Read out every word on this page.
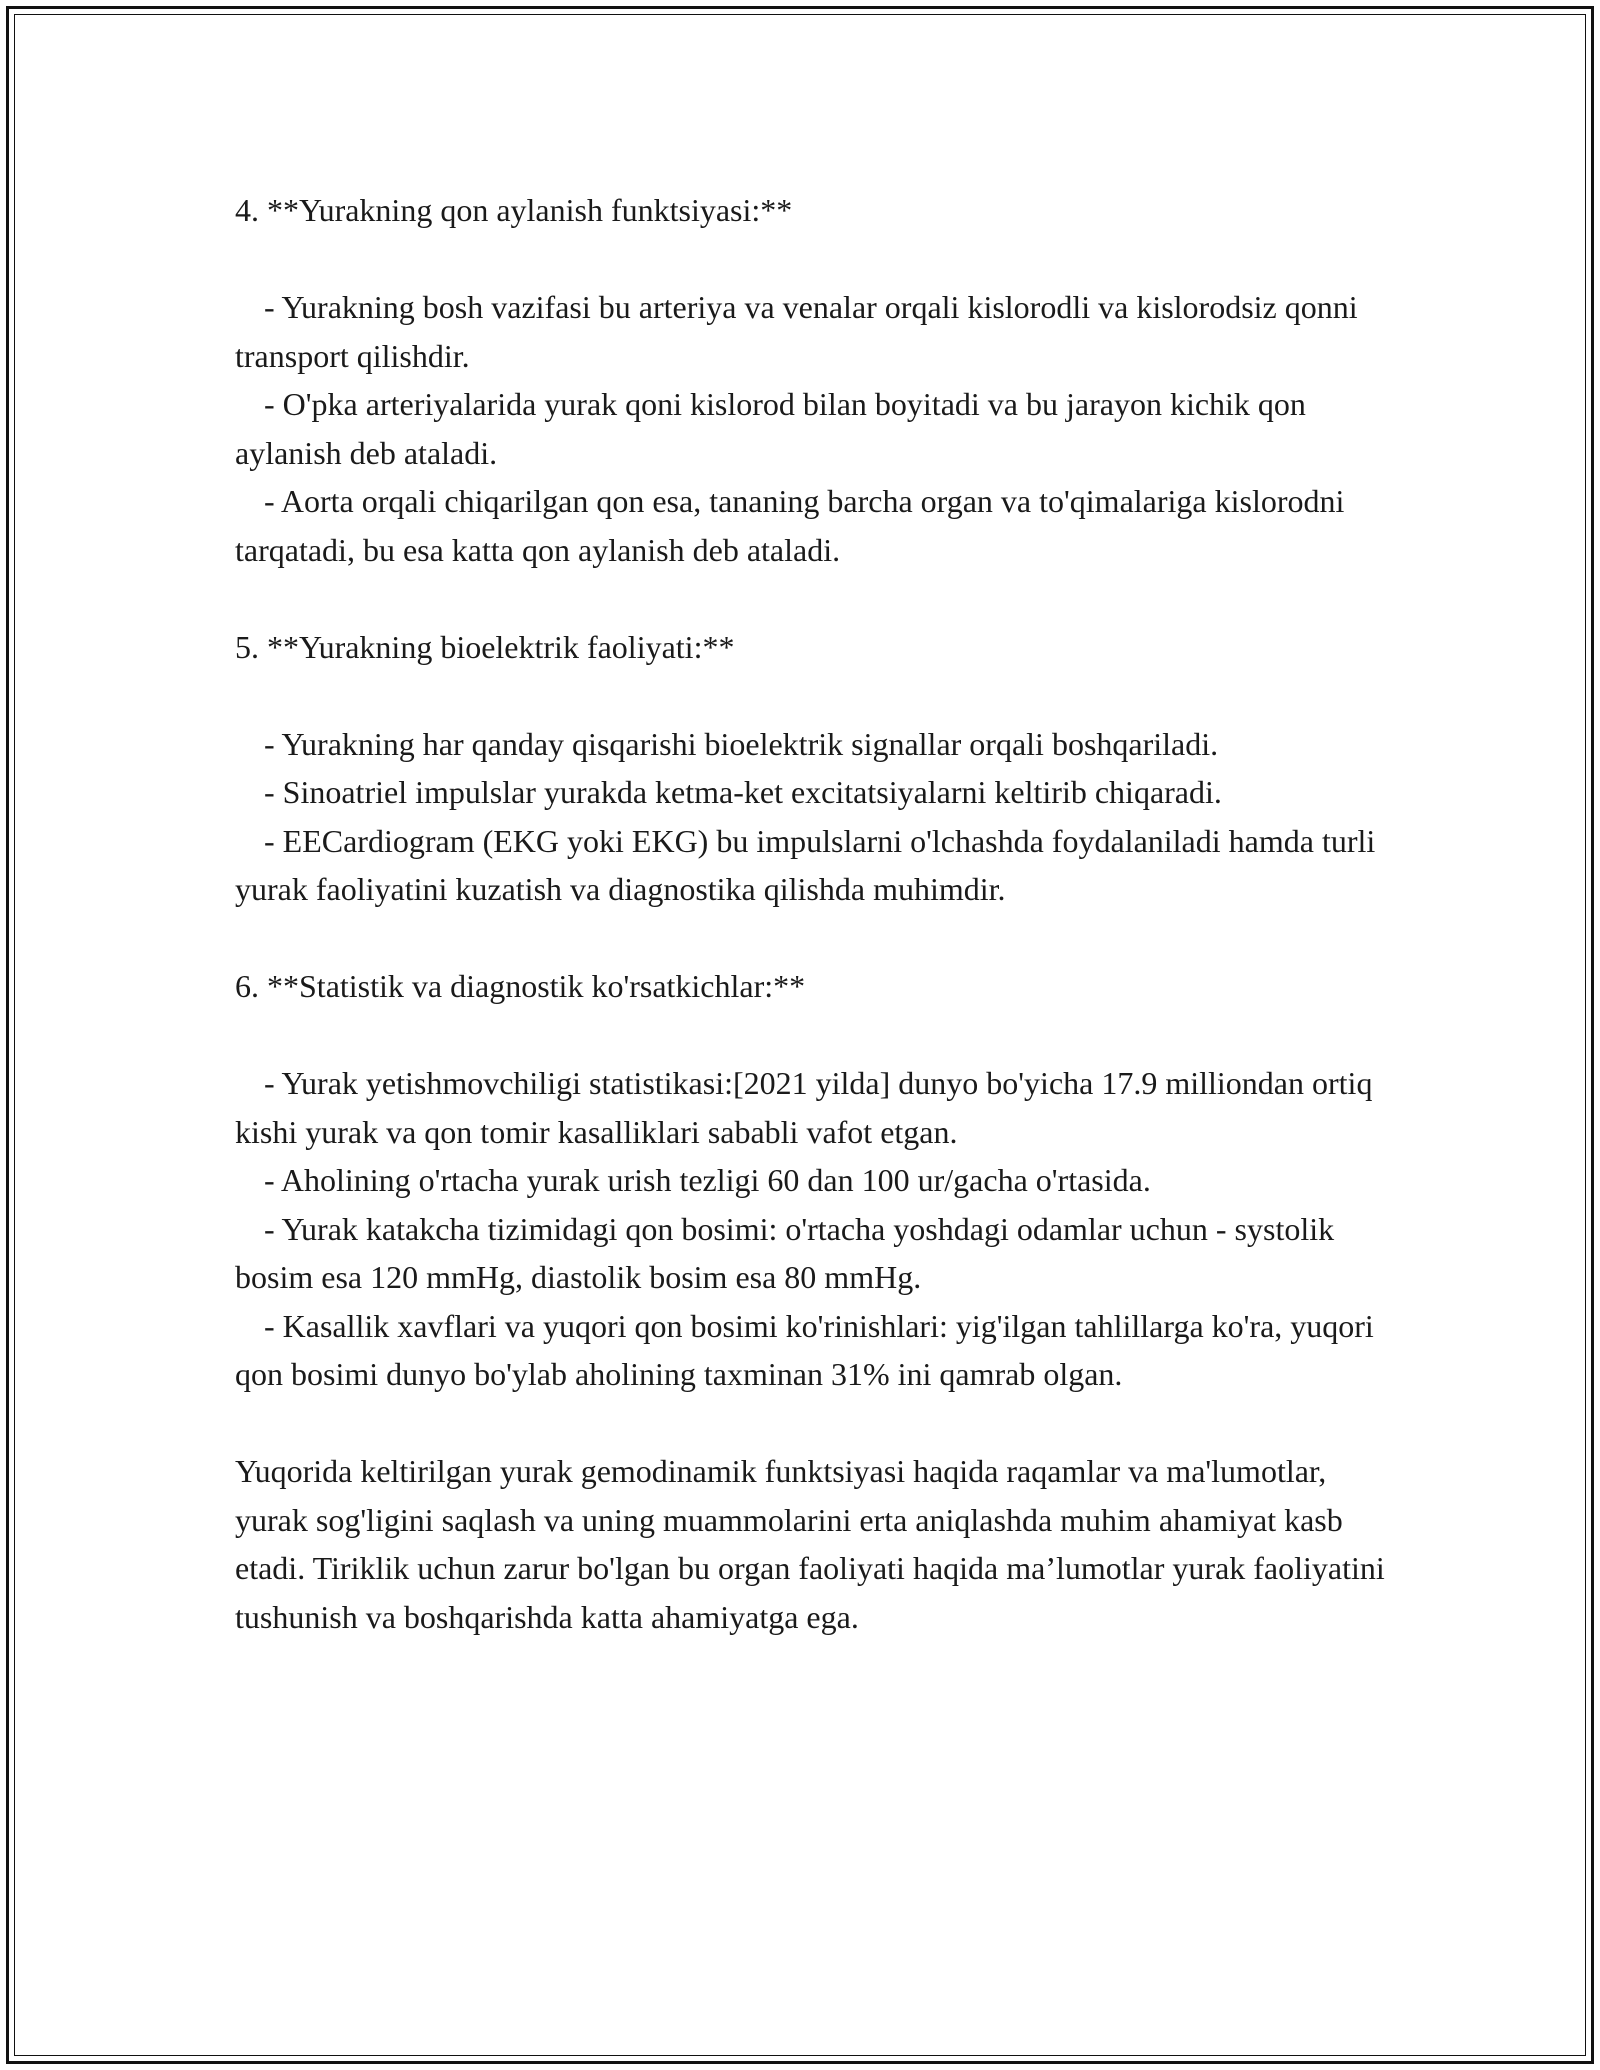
4. **Yurakning qon aylanish funktsiyasi:**

- Yurakning bosh vazifasi bu arteriya va venalar orqali kislorodli va kislorodsiz qonni transport qilishdir.

- O'pka arteriyalarida yurak qoni kislorod bilan boyitadi va bu jarayon kichik qon aylanish deb ataladi.

- Aorta orqali chiqarilgan qon esa, tananing barcha organ va to'qimalariga kislorodni tarqatadi, bu esa katta qon aylanish deb ataladi.

5. **Yurakning bioelektrik faoliyati:**

- Yurakning har qanday qisqarishi bioelektrik signallar orqali boshqariladi.

- Sinoatriel impulslar yurakda ketma-ket excitatsiyalarni keltirib chiqaradi.

- EECardiogram (EKG yoki EKG) bu impulslarni o'lchashda foydalaniladi hamda turli yurak faoliyatini kuzatish va diagnostika qilishda muhimdir.

6. **Statistik va diagnostik ko'rsatkichlar:**

- Yurak yetishmovchiligi statistikasi:[2021 yilda] dunyo bo'yicha 17.9 milliondan ortiq kishi yurak va qon tomir kasalliklari sababli vafot etgan.

- Aholining o'rtacha yurak urish tezligi 60 dan 100 ur/gacha o'rtasida.

- Yurak katakcha tizimidagi qon bosimi: o'rtacha yoshdagi odamlar uchun - systolik bosim esa 120 mmHg, diastolik bosim esa 80 mmHg.

- Kasallik xavflari va yuqori qon bosimi ko'rinishlari: yig'ilgan tahlillarga ko'ra, yuqori qon bosimi dunyo bo'ylab aholining taxminan 31% ini qamrab olgan.

Yuqorida keltirilgan yurak gemodinamik funktsiyasi haqida raqamlar va ma'lumotlar, yurak sog'ligini saqlash va uning muammolarini erta aniqlashda muhim ahamiyat kasb etadi. Tiriklik uchun zarur bo'lgan bu organ faoliyati haqida ma’lumotlar yurak faoliyatini tushunish va boshqarishda katta ahamiyatga ega.
